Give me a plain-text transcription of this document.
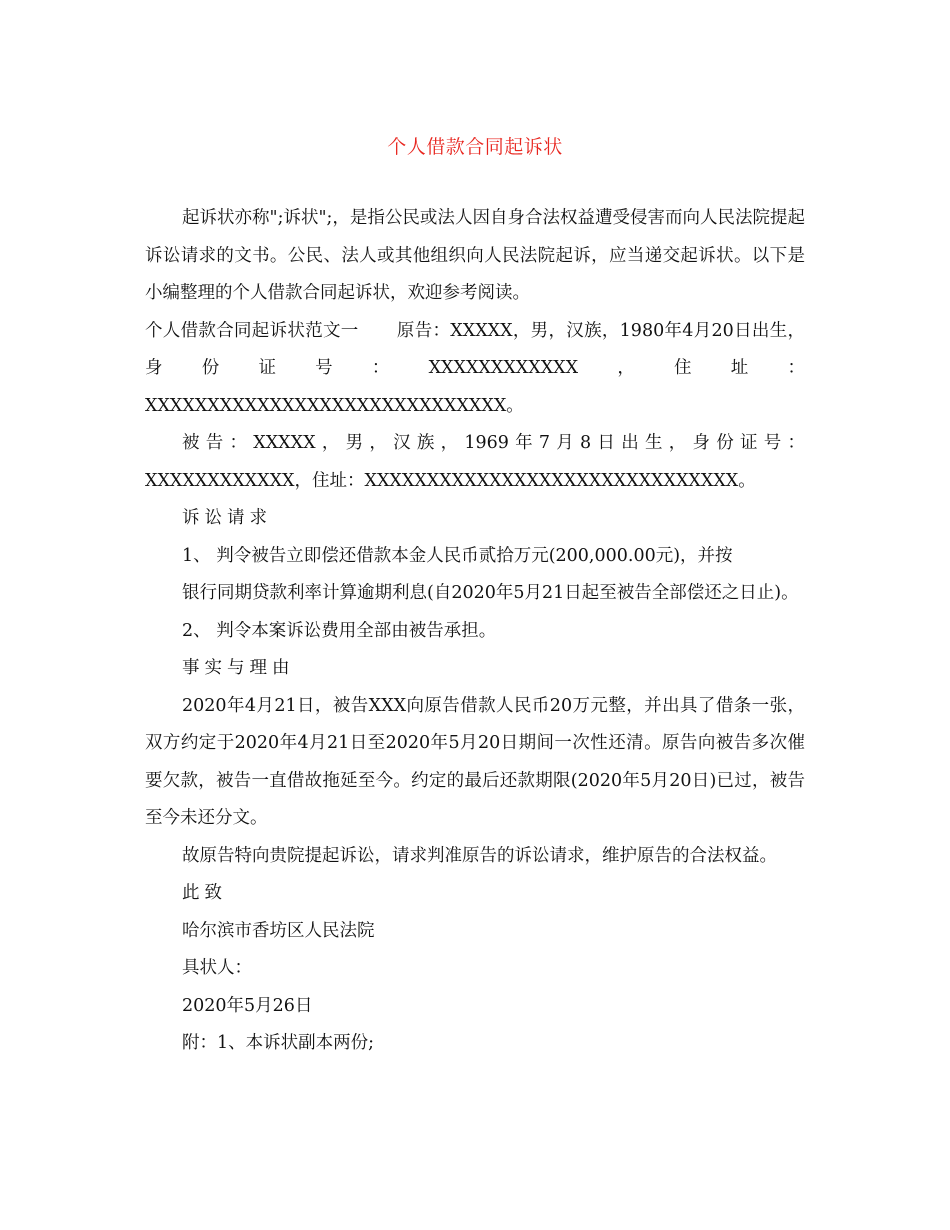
个人借款合同起诉状

起诉状亦称";诉状";，是指公民或法人因自身合法权益遭受侵害而向人民法院提起诉讼请求的文书。公民、法人或其他组织向人民法院起诉，应当递交起诉状。以下是小编整理的个人借款合同起诉状，欢迎参考阅读。

个人借款合同起诉状范文一 原告：XXXXX，男，汉族，1980年4月20日出生，身份证号：XXXXXXXXXXXX，住址：XXXXXXXXXXXXXXXXXXXXXXXXXXXXX。

被告：XXXXX，男，汉族，1969年7月8日出生，身份证号：XXXXXXXXXXXX，住址：XXXXXXXXXXXXXXXXXXXXXXXXXXXXXX。

诉讼请求

1、 判令被告立即偿还借款本金人民币贰拾万元(200,000.00元)，并按

银行同期贷款利率计算逾期利息(自2020年5月21日起至被告全部偿还之日止)。

2、 判令本案诉讼费用全部由被告承担。

事实与理由

2020年4月21日，被告XXX向原告借款人民币20万元整，并出具了借条一张，双方约定于2020年4月21日至2020年5月20日期间一次性还清。原告向被告多次催要欠款，被告一直借故拖延至今。约定的最后还款期限(2020年5月20日)已过，被告至今未还分文。

故原告特向贵院提起诉讼，请求判准原告的诉讼请求，维护原告的合法权益。

此致

哈尔滨市香坊区人民法院

具状人：

2020年5月26日

附：1、本诉状副本两份;
